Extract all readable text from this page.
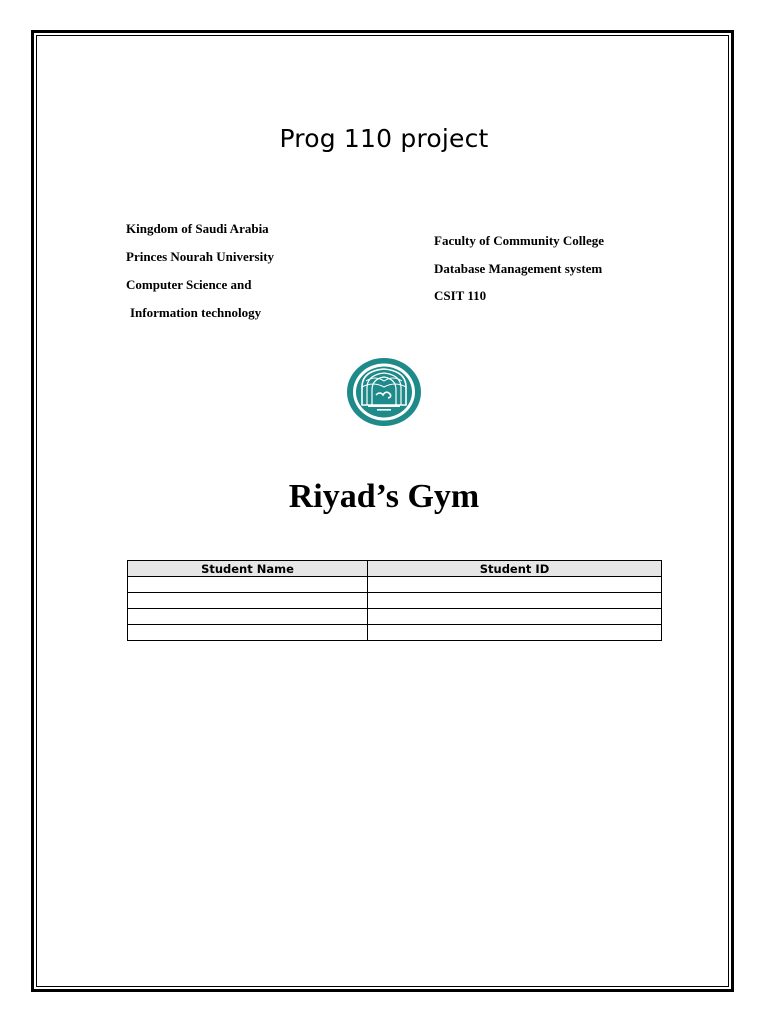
Prog 110 project
Kingdom of Saudi Arabia
Princes Nourah University
Computer Science and
Information technology
Faculty of Community College
Database Management system
CSIT 110
Riyad’s Gym
Student Name	Student ID
